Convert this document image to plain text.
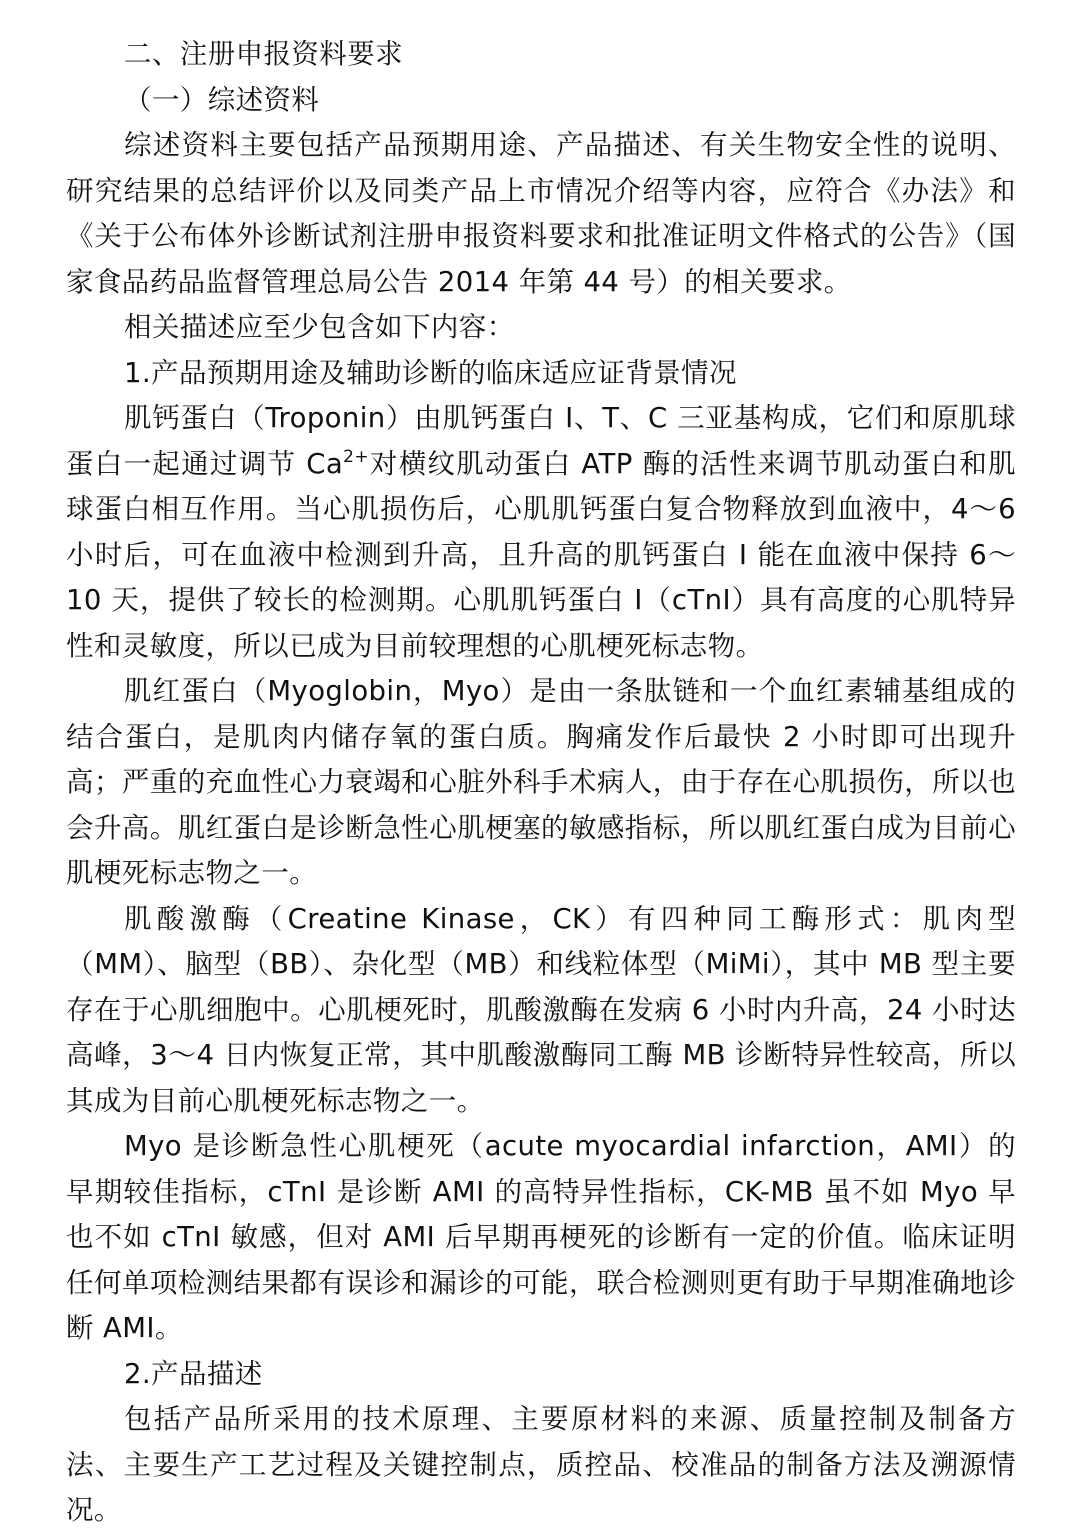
二、注册申报资料要求

（一）综述资料

综述资料主要包括产品预期用途、产品描述、有关生物安全性的说明、研究结果的总结评价以及同类产品上市情况介绍等内容，应符合《办法》和《关于公布体外诊断试剂注册申报资料要求和批准证明文件格式的公告》（国家食品药品监督管理总局公告 2014 年第 44 号）的相关要求。

相关描述应至少包含如下内容：

1.产品预期用途及辅助诊断的临床适应证背景情况

肌钙蛋白（Troponin）由肌钙蛋白 I、T、C 三亚基构成，它们和原肌球蛋白一起通过调节 $Ca^{2+}$对横纹肌动蛋白 ATP 酶的活性来调节肌动蛋白和肌球蛋白相互作用。当心肌损伤后，心肌肌钙蛋白复合物释放到血液中，4～6 小时后，可在血液中检测到升高，且升高的肌钙蛋白 I 能在血液中保持 6～10 天，提供了较长的检测期。心肌肌钙蛋白 I（cTnI）具有高度的心肌特异性和灵敏度，所以已成为目前较理想的心肌梗死标志物。

肌红蛋白（Myoglobin，Myo）是由一条肽链和一个血红素辅基组成的结合蛋白，是肌肉内储存氧的蛋白质。胸痛发作后最快 2 小时即可出现升高；严重的充血性心力衰竭和心脏外科手术病人，由于存在心肌损伤，所以也会升高。肌红蛋白是诊断急性心肌梗塞的敏感指标，所以肌红蛋白成为目前心肌梗死标志物之一。

肌酸激酶（Creatine Kinase，CK）有四种同工酶形式：肌肉型（MM）、脑型（BB）、杂化型（MB）和线粒体型（MiMi），其中 MB 型主要存在于心肌细胞中。心肌梗死时，肌酸激酶在发病 6 小时内升高，24 小时达高峰，3～4 日内恢复正常，其中肌酸激酶同工酶 MB 诊断特异性较高，所以其成为目前心肌梗死标志物之一。

Myo 是诊断急性心肌梗死（acute myocardial infarction，AMI）的早期较佳指标，cTnI 是诊断 AMI 的高特异性指标，CK-MB 虽不如 Myo 早也不如 cTnI 敏感，但对 AMI 后早期再梗死的诊断有一定的价值。临床证明任何单项检测结果都有误诊和漏诊的可能，联合检测则更有助于早期准确地诊断 AMI。

2.产品描述

包括产品所采用的技术原理、主要原材料的来源、质量控制及制备方法、主要生产工艺过程及关键控制点，质控品、校准品的制备方法及溯源情况。
